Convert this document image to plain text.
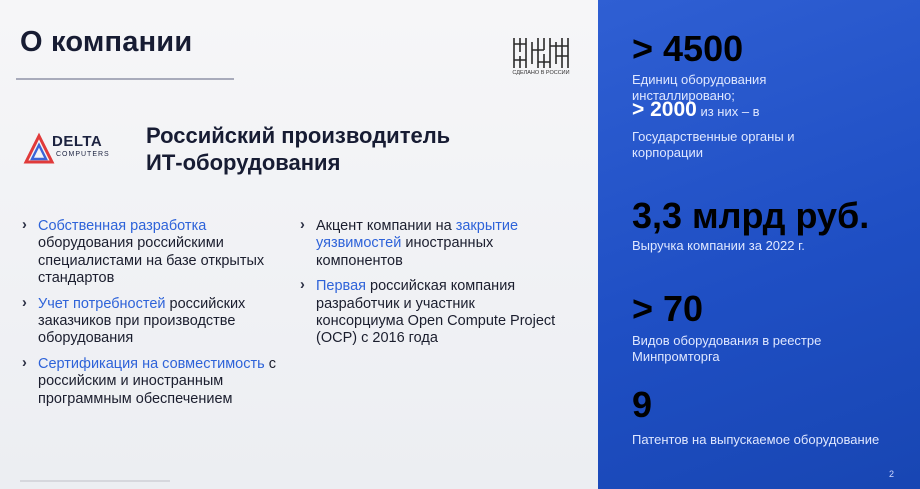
О компании
СДЕЛАНО В РОССИИ
DELTA
COMPUTERS
Российский производитель
ИТ-оборудования
› Собственная разработка оборудования российскими специалистами на базе открытых стандартов
› Учет потребностей российских заказчиков при производстве оборудования
› Сертификация на совместимость с российским и иностранным программным обеспечением
› Акцент компании на закрытие уязвимостей иностранных компонентов
› Первая российская компания разработчик и участник консорциума Open Compute Project (OCP) с 2016 года
> 4500
Единиц оборудования инсталлировано;
> 2000 из них – в
Государственные органы и корпорации
3,3 млрд руб.
Выручка компании за 2022 г.
> 70
Видов оборудования в реестре Минпромторга
9
Патентов на выпускаемое оборудование
2
